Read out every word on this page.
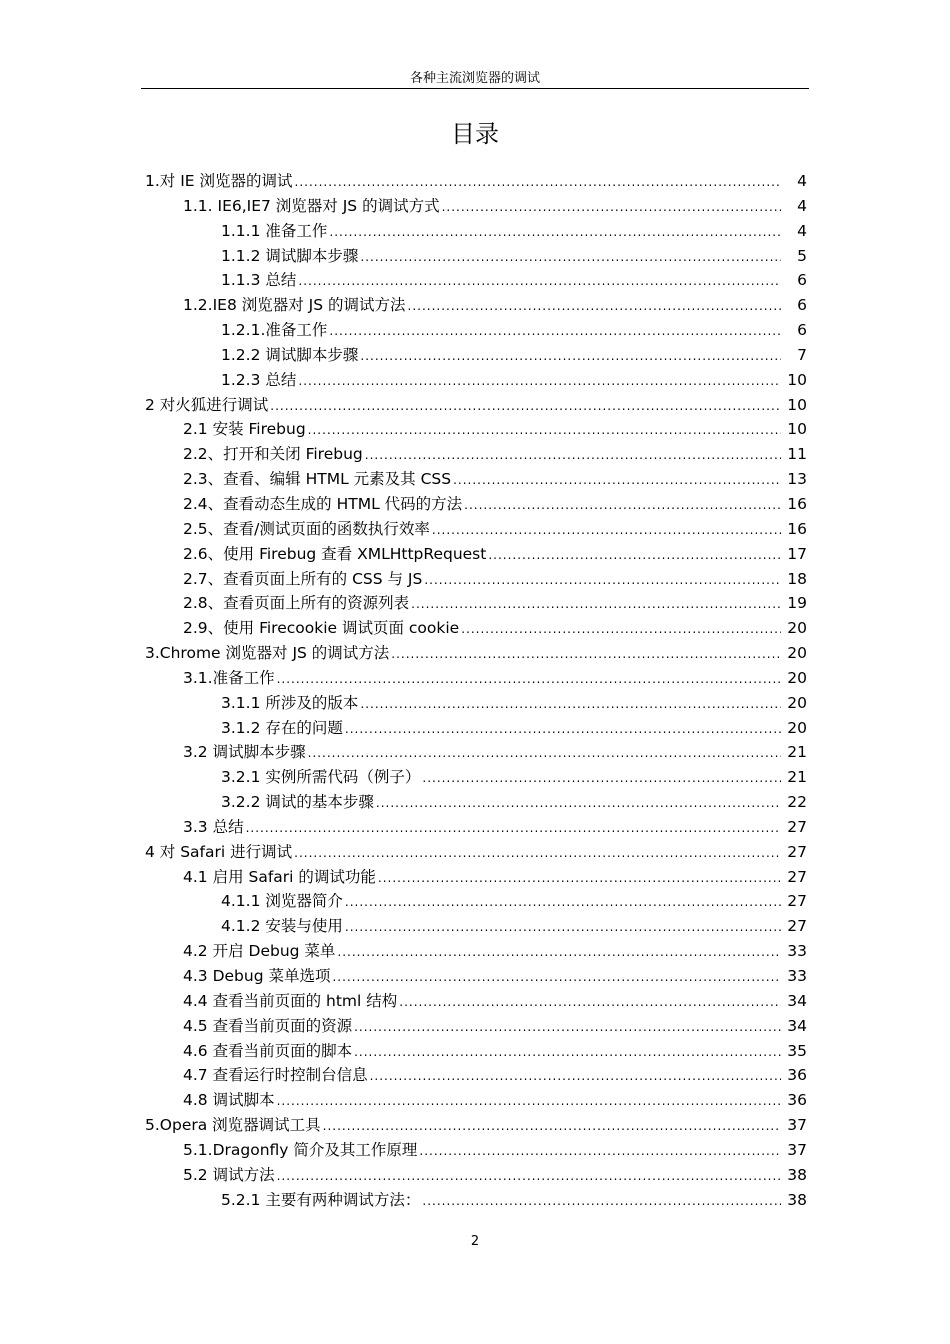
各种主流浏览器的调试
目录
1.对 IE 浏览器的调试 .....	4
1.1. IE6,IE7 浏览器对 JS 的调试方式 .....	4
1.1.1 准备工作 .....	4
1.1.2 调试脚本步骤 .....	5
1.1.3 总结 .....	6
1.2.IE8 浏览器对 JS 的调试方法 .....	6
1.2.1.准备工作 .....	6
1.2.2 调试脚本步骤 .....	7
1.2.3 总结 .....	10
2 对火狐进行调试 .....	10
2.1 安装 Firebug .....	10
2.2、打开和关闭 Firebug .....	11
2.3、查看、编辑 HTML 元素及其 CSS .....	13
2.4、查看动态生成的 HTML 代码的方法 .....	16
2.5、查看/测试页面的函数执行效率 .....	16
2.6、使用 Firebug 查看 XMLHttpRequest .....	17
2.7、查看页面上所有的 CSS 与 JS .....	18
2.8、查看页面上所有的资源列表 .....	19
2.9、使用 Firecookie 调试页面 cookie .....	20
3.Chrome 浏览器对 JS 的调试方法 .....	20
3.1.准备工作 .....	20
3.1.1 所涉及的版本 .....	20
3.1.2 存在的问题 .....	20
3.2 调试脚本步骤 .....	21
3.2.1 实例所需代码（例子） .....	21
3.2.2 调试的基本步骤 .....	22
3.3 总结 .....	27
4 对 Safari 进行调试 .....	27
4.1 启用 Safari 的调试功能 .....	27
4.1.1 浏览器简介 .....	27
4.1.2 安装与使用 .....	27
4.2 开启 Debug 菜单 .....	33
4.3 Debug 菜单选项 .....	33
4.4 查看当前页面的 html 结构 .....	34
4.5 查看当前页面的资源 .....	34
4.6 查看当前页面的脚本 .....	35
4.7 查看运行时控制台信息 .....	36
4.8 调试脚本 .....	36
5.Opera 浏览器调试工具 .....	37
5.1.Dragonfly 简介及其工作原理 .....	37
5.2 调试方法 .....	38
5.2.1 主要有两种调试方法： .....	38
2
